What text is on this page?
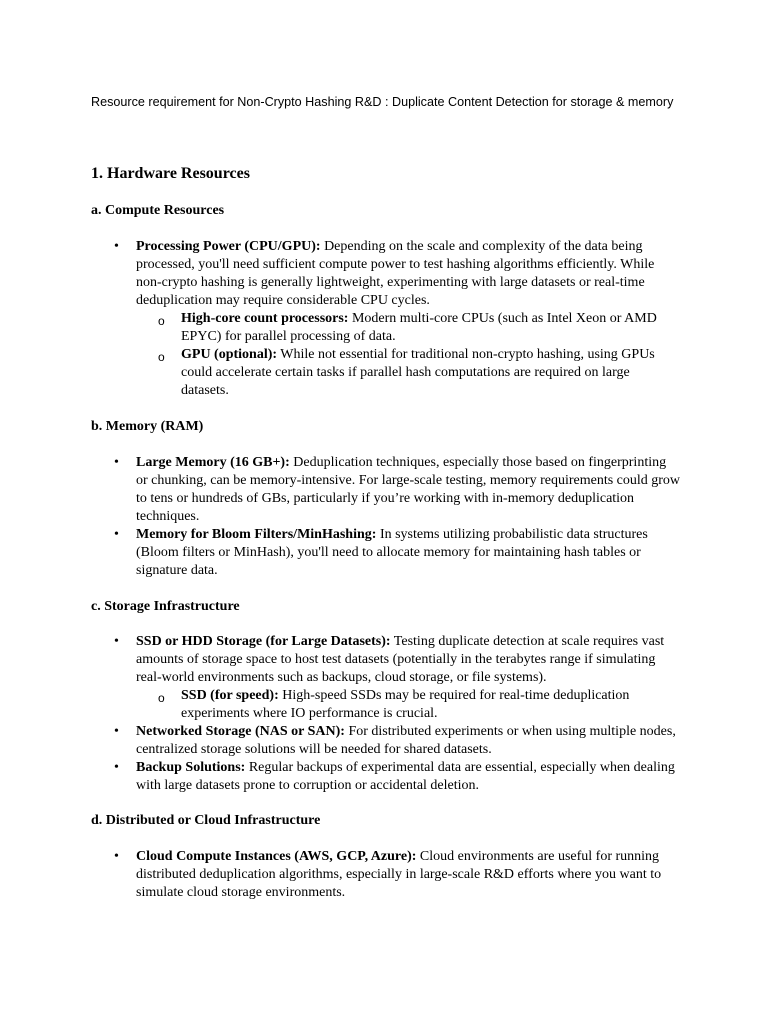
Resource requirement for Non-Crypto Hashing R&D : Duplicate Content Detection for storage & memory
1. Hardware Resources
a. Compute Resources
• Processing Power (CPU/GPU): Depending on the scale and complexity of the data being processed, you'll need sufficient compute power to test hashing algorithms efficiently. While non-crypto hashing is generally lightweight, experimenting with large datasets or real-time deduplication may require considerable CPU cycles.
o High-core count processors: Modern multi-core CPUs (such as Intel Xeon or AMD EPYC) for parallel processing of data.
o GPU (optional): While not essential for traditional non-crypto hashing, using GPUs could accelerate certain tasks if parallel hash computations are required on large datasets.
b. Memory (RAM)
• Large Memory (16 GB+): Deduplication techniques, especially those based on fingerprinting or chunking, can be memory-intensive. For large-scale testing, memory requirements could grow to tens or hundreds of GBs, particularly if you’re working with in-memory deduplication techniques.
• Memory for Bloom Filters/MinHashing: In systems utilizing probabilistic data structures (Bloom filters or MinHash), you'll need to allocate memory for maintaining hash tables or signature data.
c. Storage Infrastructure
• SSD or HDD Storage (for Large Datasets): Testing duplicate detection at scale requires vast amounts of storage space to host test datasets (potentially in the terabytes range if simulating real-world environments such as backups, cloud storage, or file systems).
o SSD (for speed): High-speed SSDs may be required for real-time deduplication experiments where IO performance is crucial.
• Networked Storage (NAS or SAN): For distributed experiments or when using multiple nodes, centralized storage solutions will be needed for shared datasets.
• Backup Solutions: Regular backups of experimental data are essential, especially when dealing with large datasets prone to corruption or accidental deletion.
d. Distributed or Cloud Infrastructure
• Cloud Compute Instances (AWS, GCP, Azure): Cloud environments are useful for running distributed deduplication algorithms, especially in large-scale R&D efforts where you want to simulate cloud storage environments.
